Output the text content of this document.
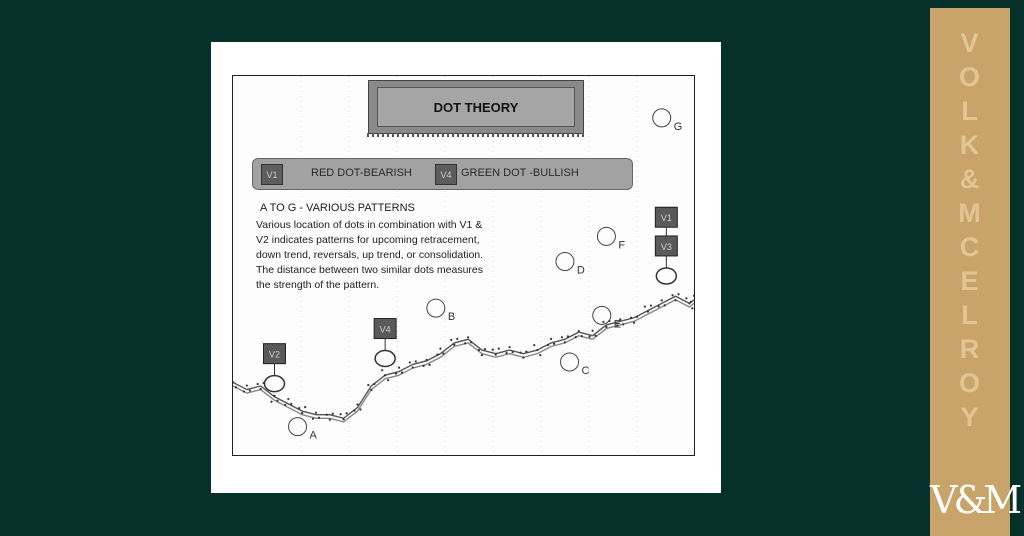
A
B
C
D
E
F
G
V2
V4
V1
V3
DOT THEORY
V1	RED DOT-BEARISH	V4 GREEN DOT -BULLISH
A TO G - VARIOUS PATTERNS
Various location of dots in combination with V1 & V2 indicates patterns for upcoming retracement, down trend, reversals, up trend, or consolidation. The distance between two similar dots measures the strength of the pattern.
V
O
L
K
&
M
C
E
L
R
O
Y
V&M
